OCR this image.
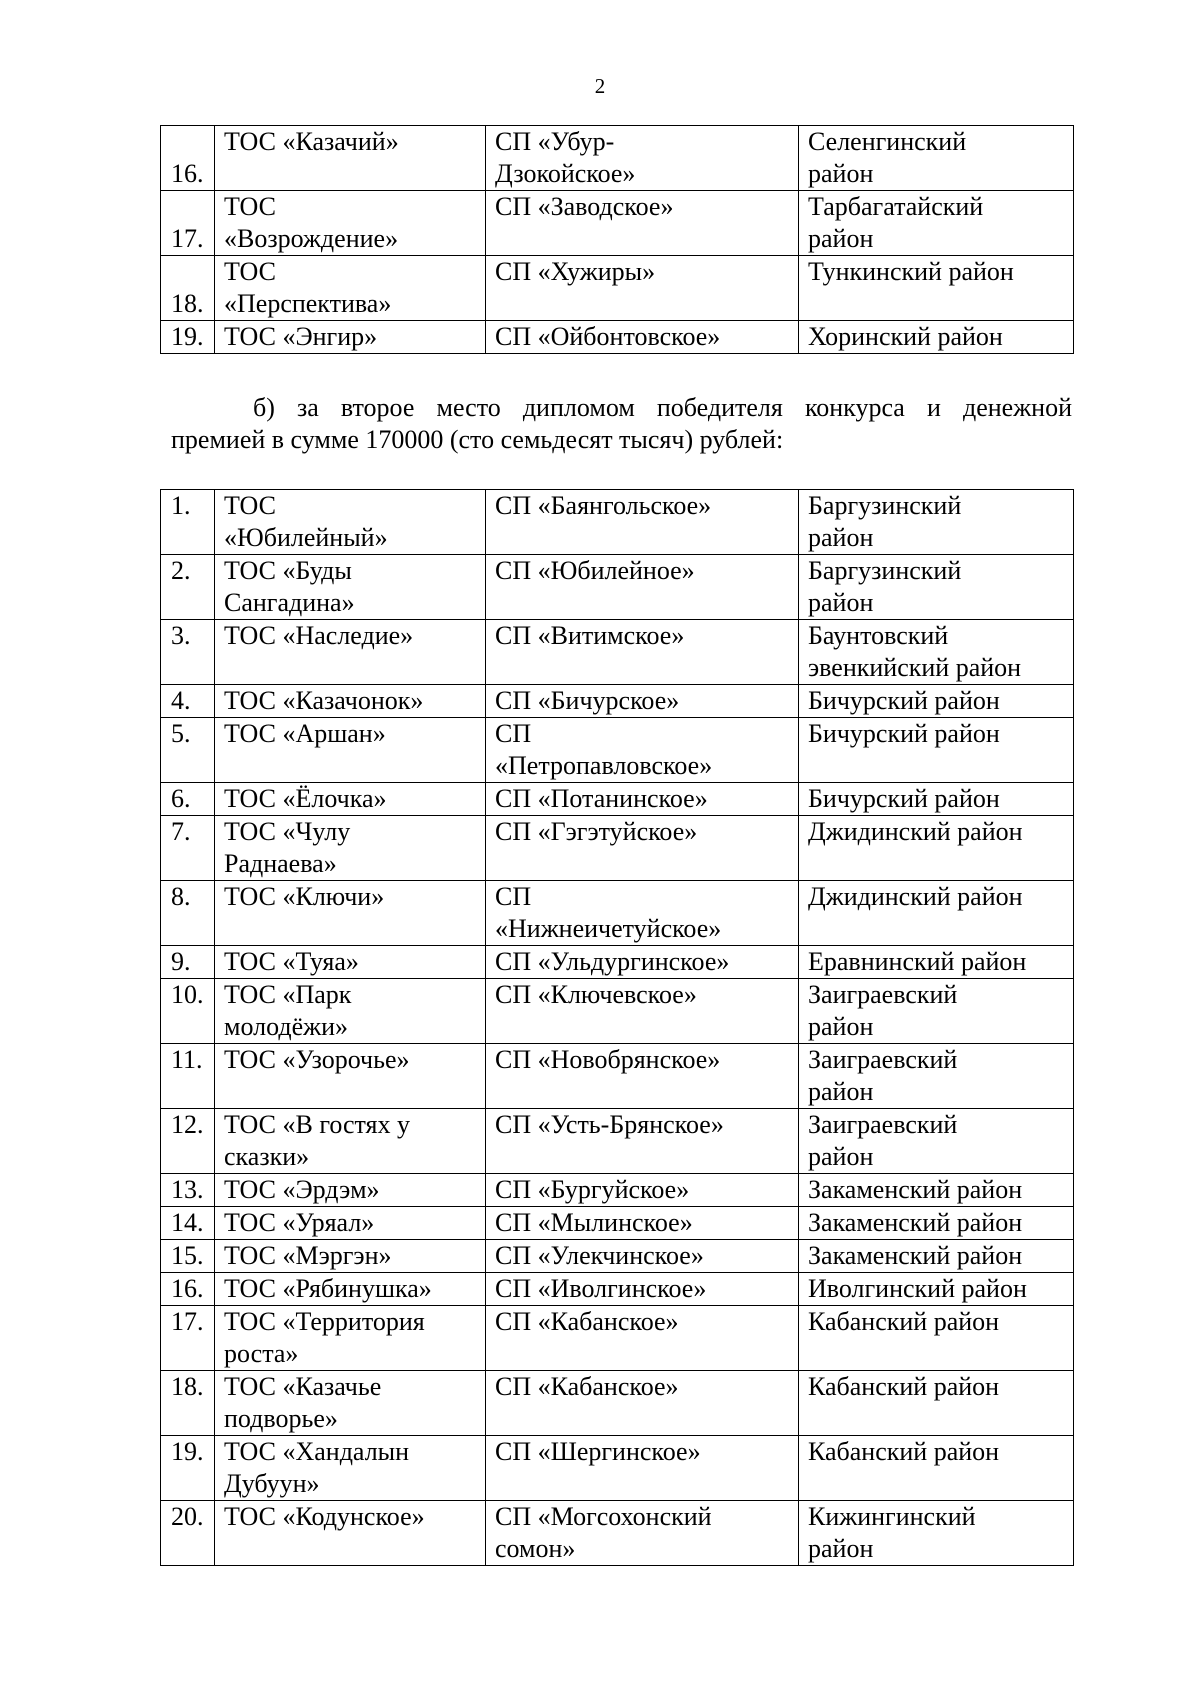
2
16.	ТОС «Казачий»	СП «Убур-
Дзокойское»	Селенгинский
район

17.	ТОС
«Возрождение»	СП «Заводское»	Тарбагатайский
район

18.	ТОС
«Перспектива»	СП «Хужиры»	Тункинский район

19.	ТОС «Энгир»	СП «Ойбонтовское»	Хоринский район
б) за второе место дипломом победителя конкурса и денежной
премией в сумме 170000 (сто семьдесят тысяч) рублей:
1.	ТОС
«Юбилейный»	СП «Баянгольское»	Баргузинский
район

2.	ТОС «Буды
Сангадина»	СП «Юбилейное»	Баргузинский
район

3.	ТОС «Наследие»	СП «Витимское»	Баунтовский
эвенкийский район

4.	ТОС «Казачонок»	СП «Бичурское»	Бичурский район

5.	ТОС «Аршан»	СП
«Петропавловское»	Бичурский район

6.	ТОС «Ёлочка»	СП «Потанинское»	Бичурский район

7.	ТОС «Чулу
Раднаева»	СП «Гэгэтуйское»	Джидинский район

8.	ТОС «Ключи»	СП
«Нижнеичетуйское»	Джидинский район

9.	ТОС «Туяа»	СП «Ульдургинское»	Еравнинский район

10.	ТОС «Парк
молодёжи»	СП «Ключевское»	Заиграевский
район

11.	ТОС «Узорочье»	СП «Новобрянское»	Заиграевский
район

12.	ТОС «В гостях у
сказки»	СП «Усть-Брянское»	Заиграевский
район

13.	ТОС «Эрдэм»	СП «Бургуйское»	Закаменский район

14.	ТОС «Уряал»	СП «Мылинское»	Закаменский район

15.	ТОС «Мэргэн»	СП «Улекчинское»	Закаменский район

16.	ТОС «Рябинушка»	СП «Иволгинское»	Иволгинский район

17.	ТОС «Территория
роста»	СП «Кабанское»	Кабанский район

18.	ТОС «Казачье
подворье»	СП «Кабанское»	Кабанский район

19.	ТОС «Хандалын
Дубуун»	СП «Шергинское»	Кабанский район

20.	ТОС «Кодунское»	СП «Могсохонский
сомон»	Кижингинский
район
